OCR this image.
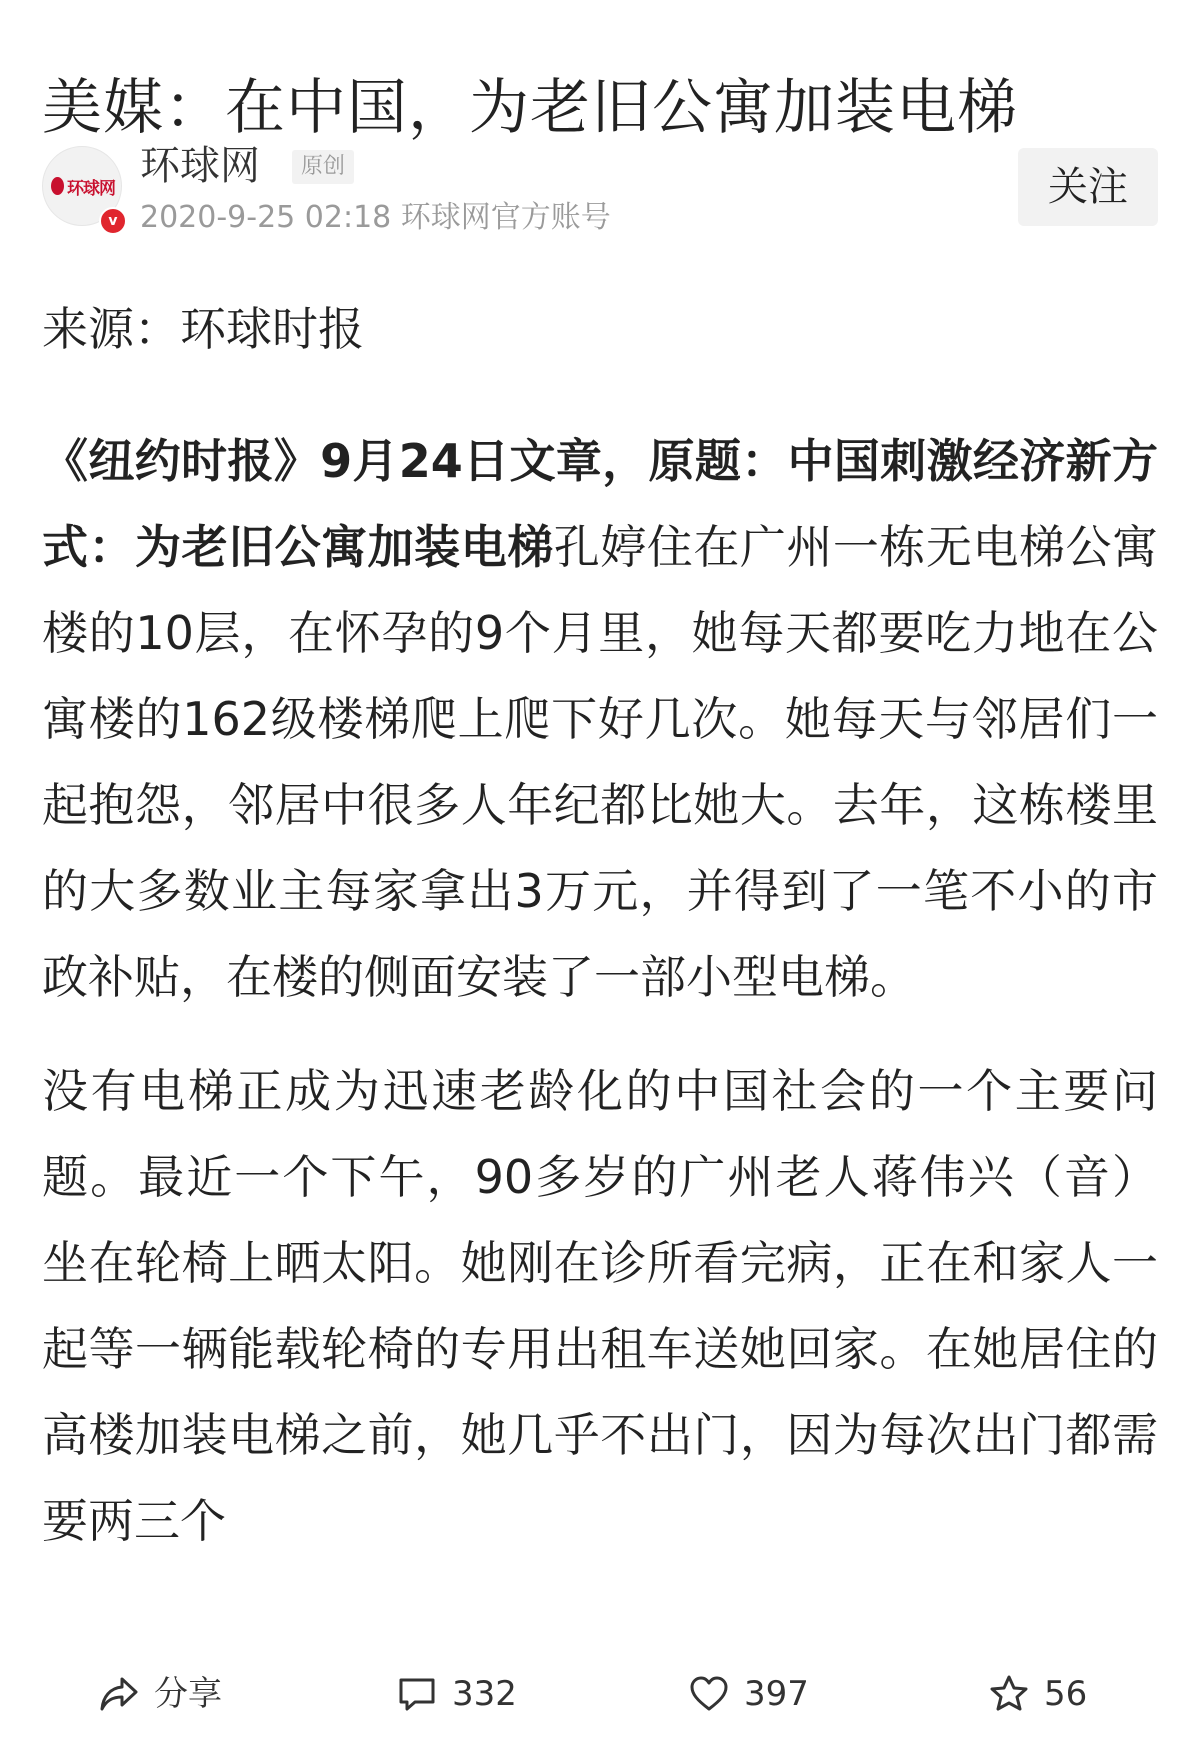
美媒：在中国，为老旧公寓加装电梯
环球网
v
环球网	原创
2020-9-25 02:18 环球网官方账号
关注
来源：环球时报

《纽约时报》9月24日文章，原题：中国刺激经济新方式：为老旧公寓加装电梯孔婷住在广州一栋无电梯公寓楼的10层，在怀孕的9个月里，她每天都要吃力地在公寓楼的162级楼梯爬上爬下好几次。她每天与邻居们一起抱怨，邻居中很多人年纪都比她大。去年，这栋楼里的大多数业主每家拿出3万元，并得到了一笔不小的市政补贴，在楼的侧面安装了一部小型电梯。

没有电梯正成为迅速老龄化的中国社会的一个主要问题。最近一个下午，90多岁的广州老人蒋伟兴（音）坐在轮椅上晒太阳。她刚在诊所看完病，正在和家人一起等一辆能载轮椅的专用出租车送她回家。在她居住的高楼加装电梯之前，她几乎不出门，因为每次出门都需要两三个

分享	332	397	56
